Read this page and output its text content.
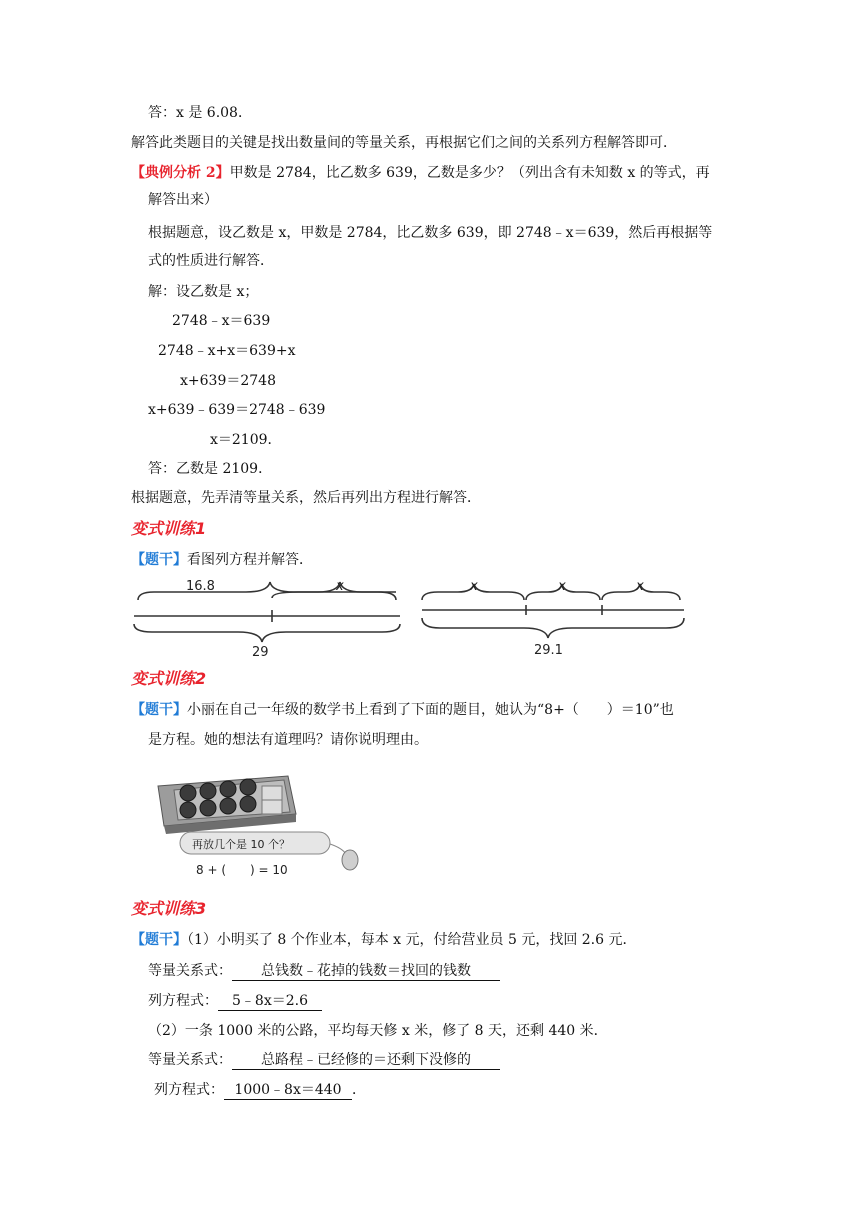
答：x 是 6.08．
解答此类题目的关键是找出数量间的等量关系，再根据它们之间的关系列方程解答即可．
【典例分析 2】甲数是 2784，比乙数多 639，乙数是多少？（列出含有未知数 x 的等式，再
解答出来）
根据题意，设乙数是 x，甲数是 2784，比乙数多 639，即 2748﹣x＝639，然后再根据等
式的性质进行解答．
解：设乙数是 x；
2748﹣x＝639
2748﹣x+x＝639+x
x+639＝2748
x+639﹣639＝2748﹣639
x＝2109．
答：乙数是 2109．
根据题意，先弄清等量关系，然后再列出方程进行解答．
变式训练1
【题干】看图列方程并解答．
16.8	x
29
x	x	x
29.1
变式训练2
【题干】小丽在自己一年级的数学书上看到了下面的题目，她认为“8+（　　）＝10”也
是方程。她的想法有道理吗？请你说明理由。
再放几个是 10 个？
8 + (　　) = 10
变式训练3
【题干】（1）小明买了 8 个作业本，每本 x 元，付给营业员 5 元，找回 2.6 元．
等量关系式： 总钱数﹣花掉的钱数＝找回的钱数
列方程式： 5﹣8x＝2.6
（2）一条 1000 米的公路，平均每天修 x 米，修了 8 天，还剩 440 米．
等量关系式： 总路程﹣已经修的＝还剩下没修的
列方程式： 1000﹣8x＝440 ．
